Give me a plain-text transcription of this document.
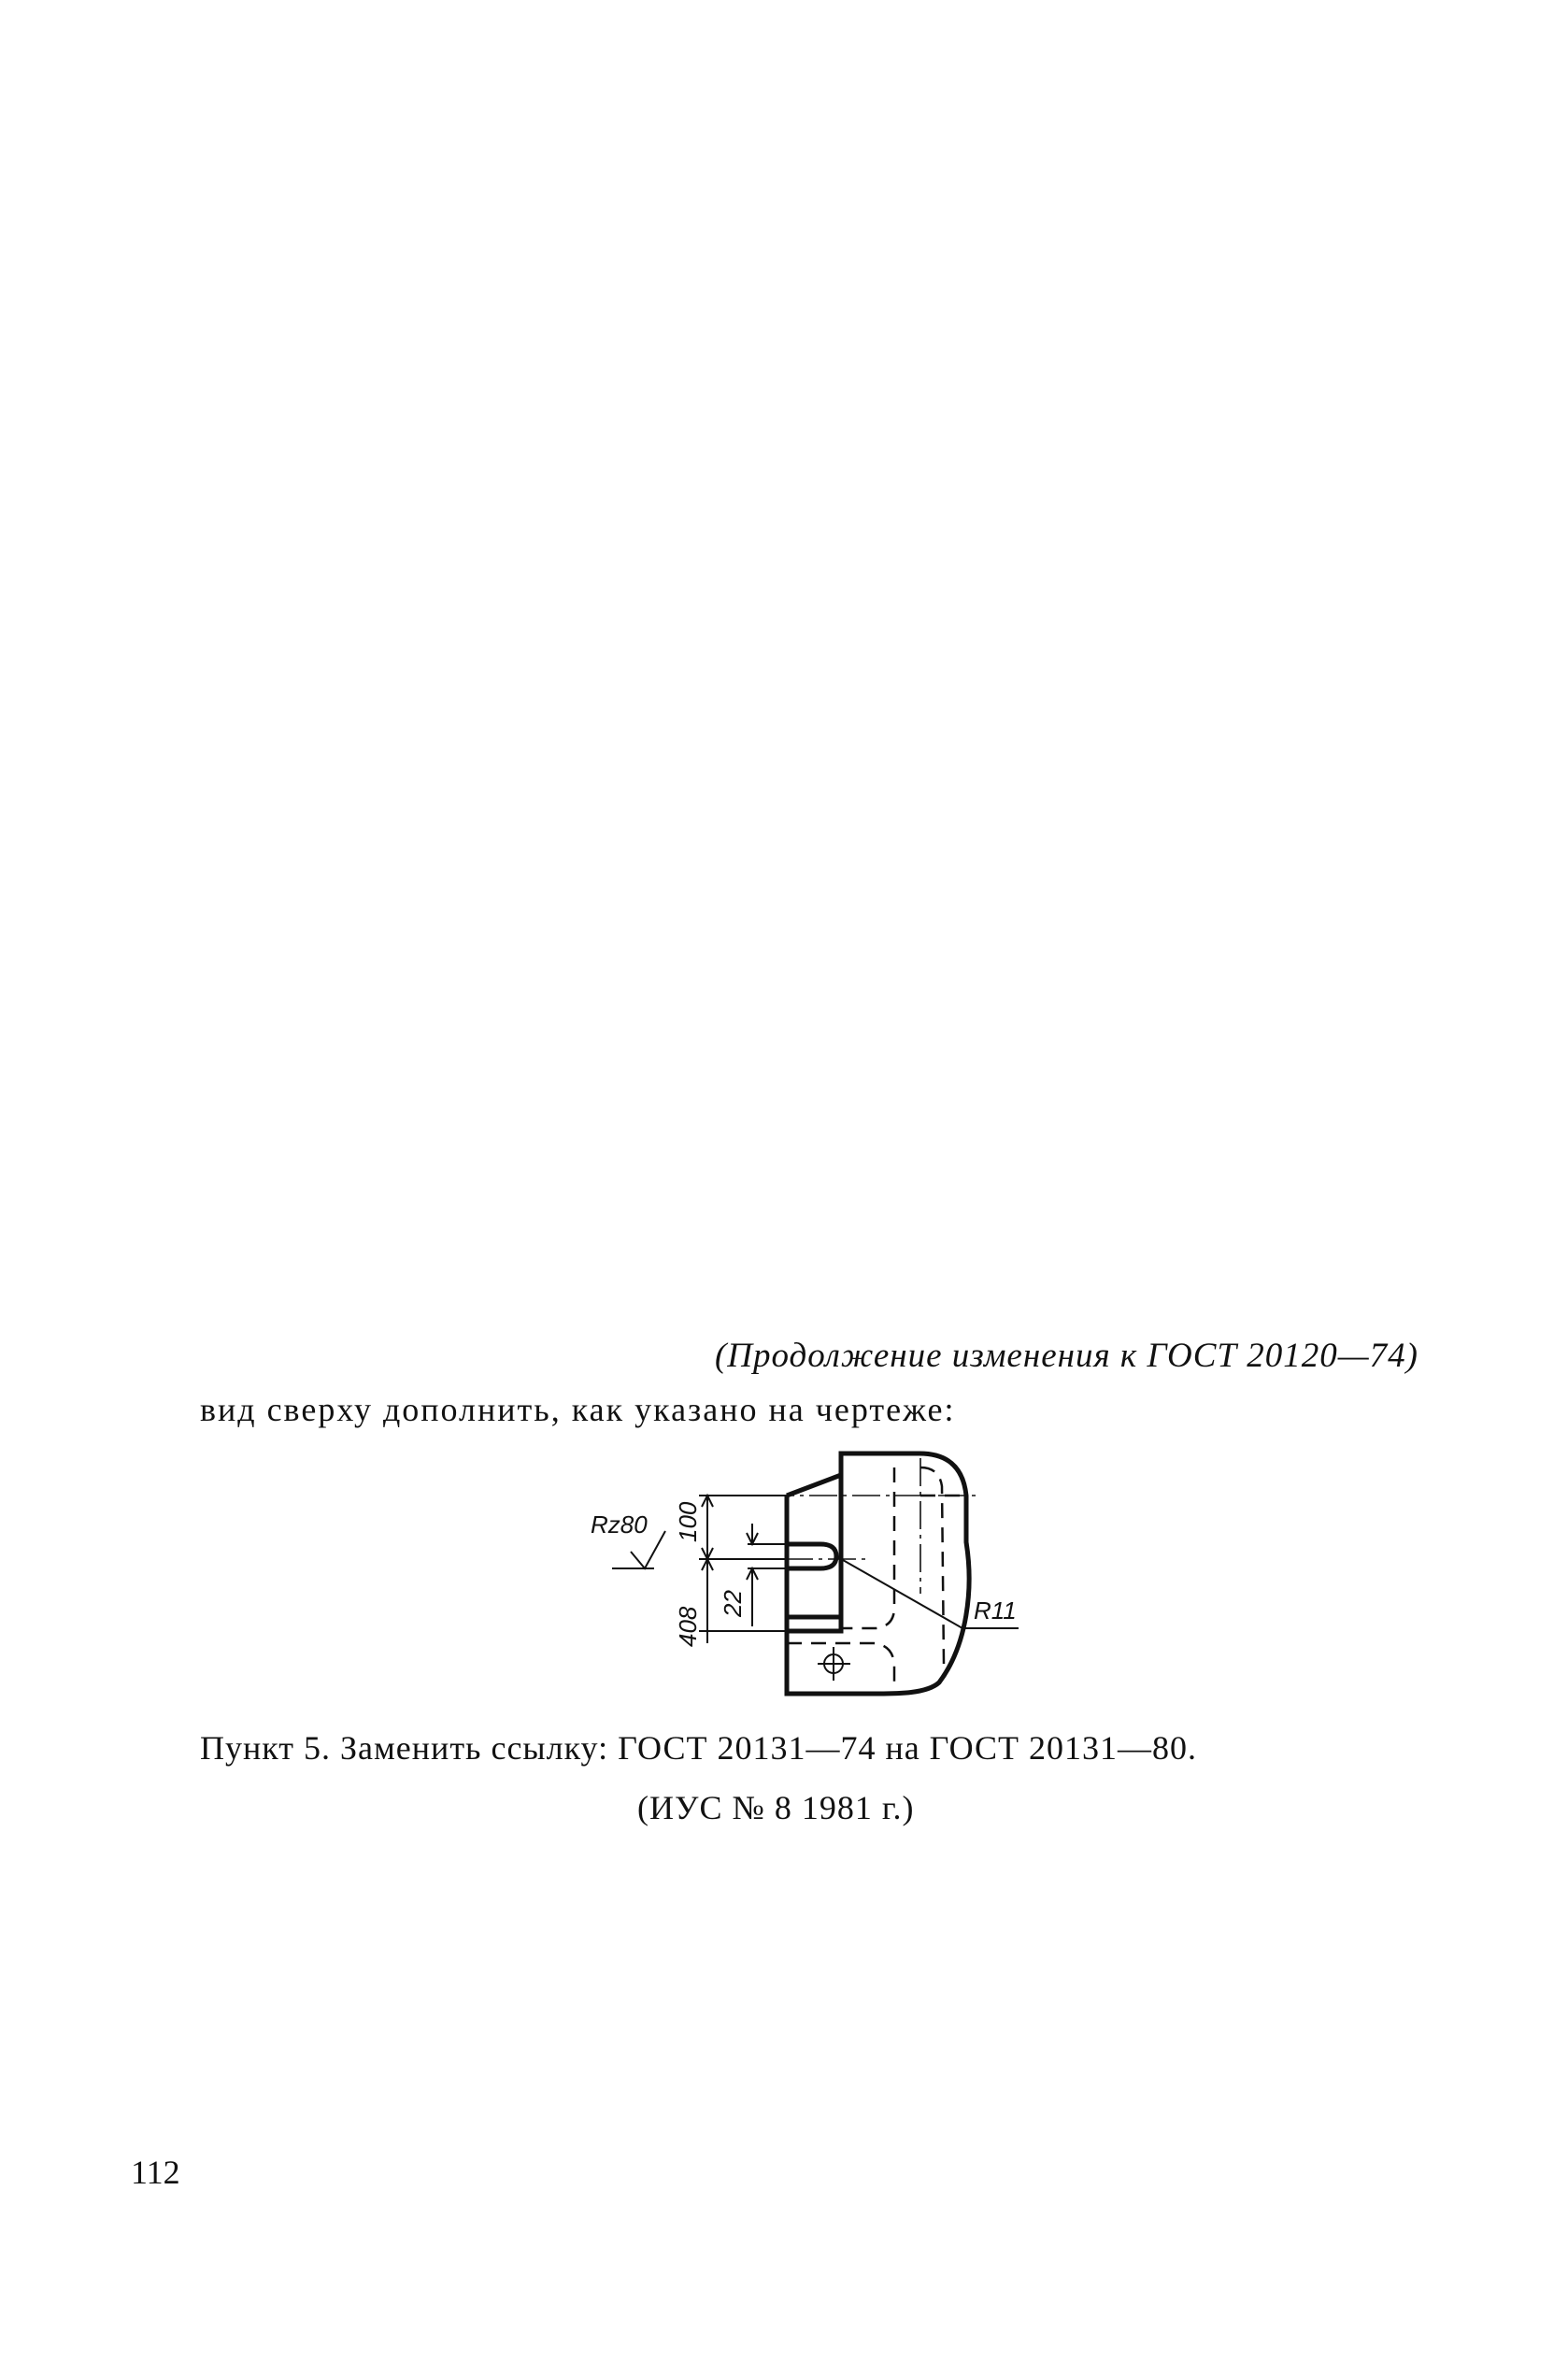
(Продолжение изменения к ГОСТ 20120—74)
вид сверху дополнить, как указано на чертеже:
Rz80 100
22
408	R11
Пункт 5. Заменить ссылку: ГОСТ 20131—74 на ГОСТ 20131—80.
(ИУС № 8 1981 г.)
112
